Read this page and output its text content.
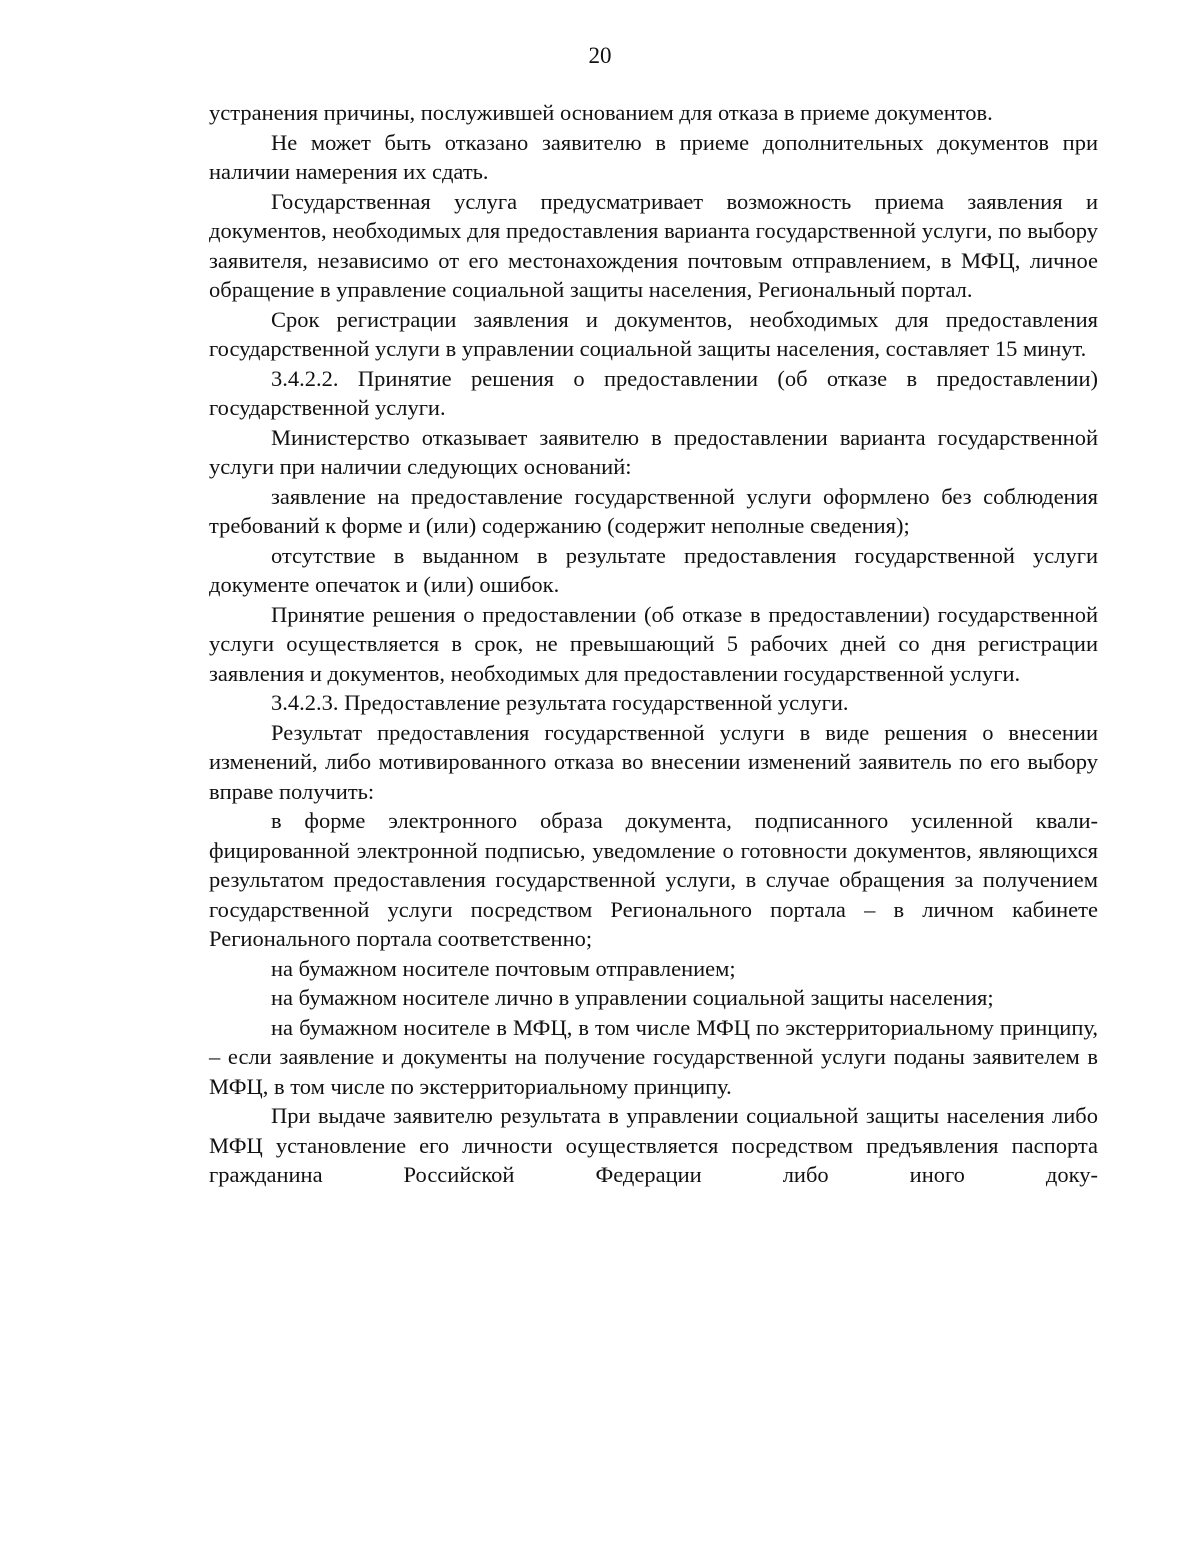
20

устранения причины, послужившей основанием для отказа в приеме документов.

Не может быть отказано заявителю в приеме дополнительных документов при наличии намерения их сдать.

Государственная услуга предусматривает возможность приема заявления и документов, необходимых для предоставления варианта государственной услуги, по выбору заявителя, независимо от его местонахождения почтовым отправлением, в МФЦ, личное обращение в управление социальной защиты населения, Региональный портал.

Срок регистрации заявления и документов, необходимых для предоставления государственной услуги в управлении социальной защиты населения, составляет 15 минут.

3.4.2.2. Принятие решения о предоставлении (об отказе в предоставлении) государственной услуги.

Министерство отказывает заявителю в предоставлении варианта государственной услуги при наличии следующих оснований:

заявление на предоставление государственной услуги оформлено без соблюдения требований к форме и (или) содержанию (содержит неполные сведения);

отсутствие в выданном в результате предоставления государственной услуги документе опечаток и (или) ошибок.

Принятие решения о предоставлении (об отказе в предоставлении) государственной услуги осуществляется в срок, не превышающий 5 рабочих дней со дня регистрации заявления и документов, необходимых для предоставлении государственной услуги.

3.4.2.3. Предоставление результата государственной услуги.

Результат предоставления государственной услуги в виде решения о внесении изменений, либо мотивированного отказа во внесении изменений заявитель по его выбору вправе получить:

в форме электронного образа документа, подписанного усиленной квалифицированной электронной подписью, уведомление о готовности документов, являющихся результатом предоставления государственной услуги, в случае обращения за получением государственной услуги посредством Регионального портала – в личном кабинете Регионального портала соответственно;

на бумажном носителе почтовым отправлением;

на бумажном носителе лично в управлении социальной защиты населения;

на бумажном носителе в МФЦ, в том числе МФЦ по экстерриториальному принципу, – если заявление и документы на получение государственной услуги поданы заявителем в МФЦ, в том числе по экстерриториальному принципу.

При выдаче заявителю результата в управлении социальной защиты населения либо МФЦ установление его личности осуществляется посредством предъявления паспорта гражданина Российской Федерации либо иного доку-
